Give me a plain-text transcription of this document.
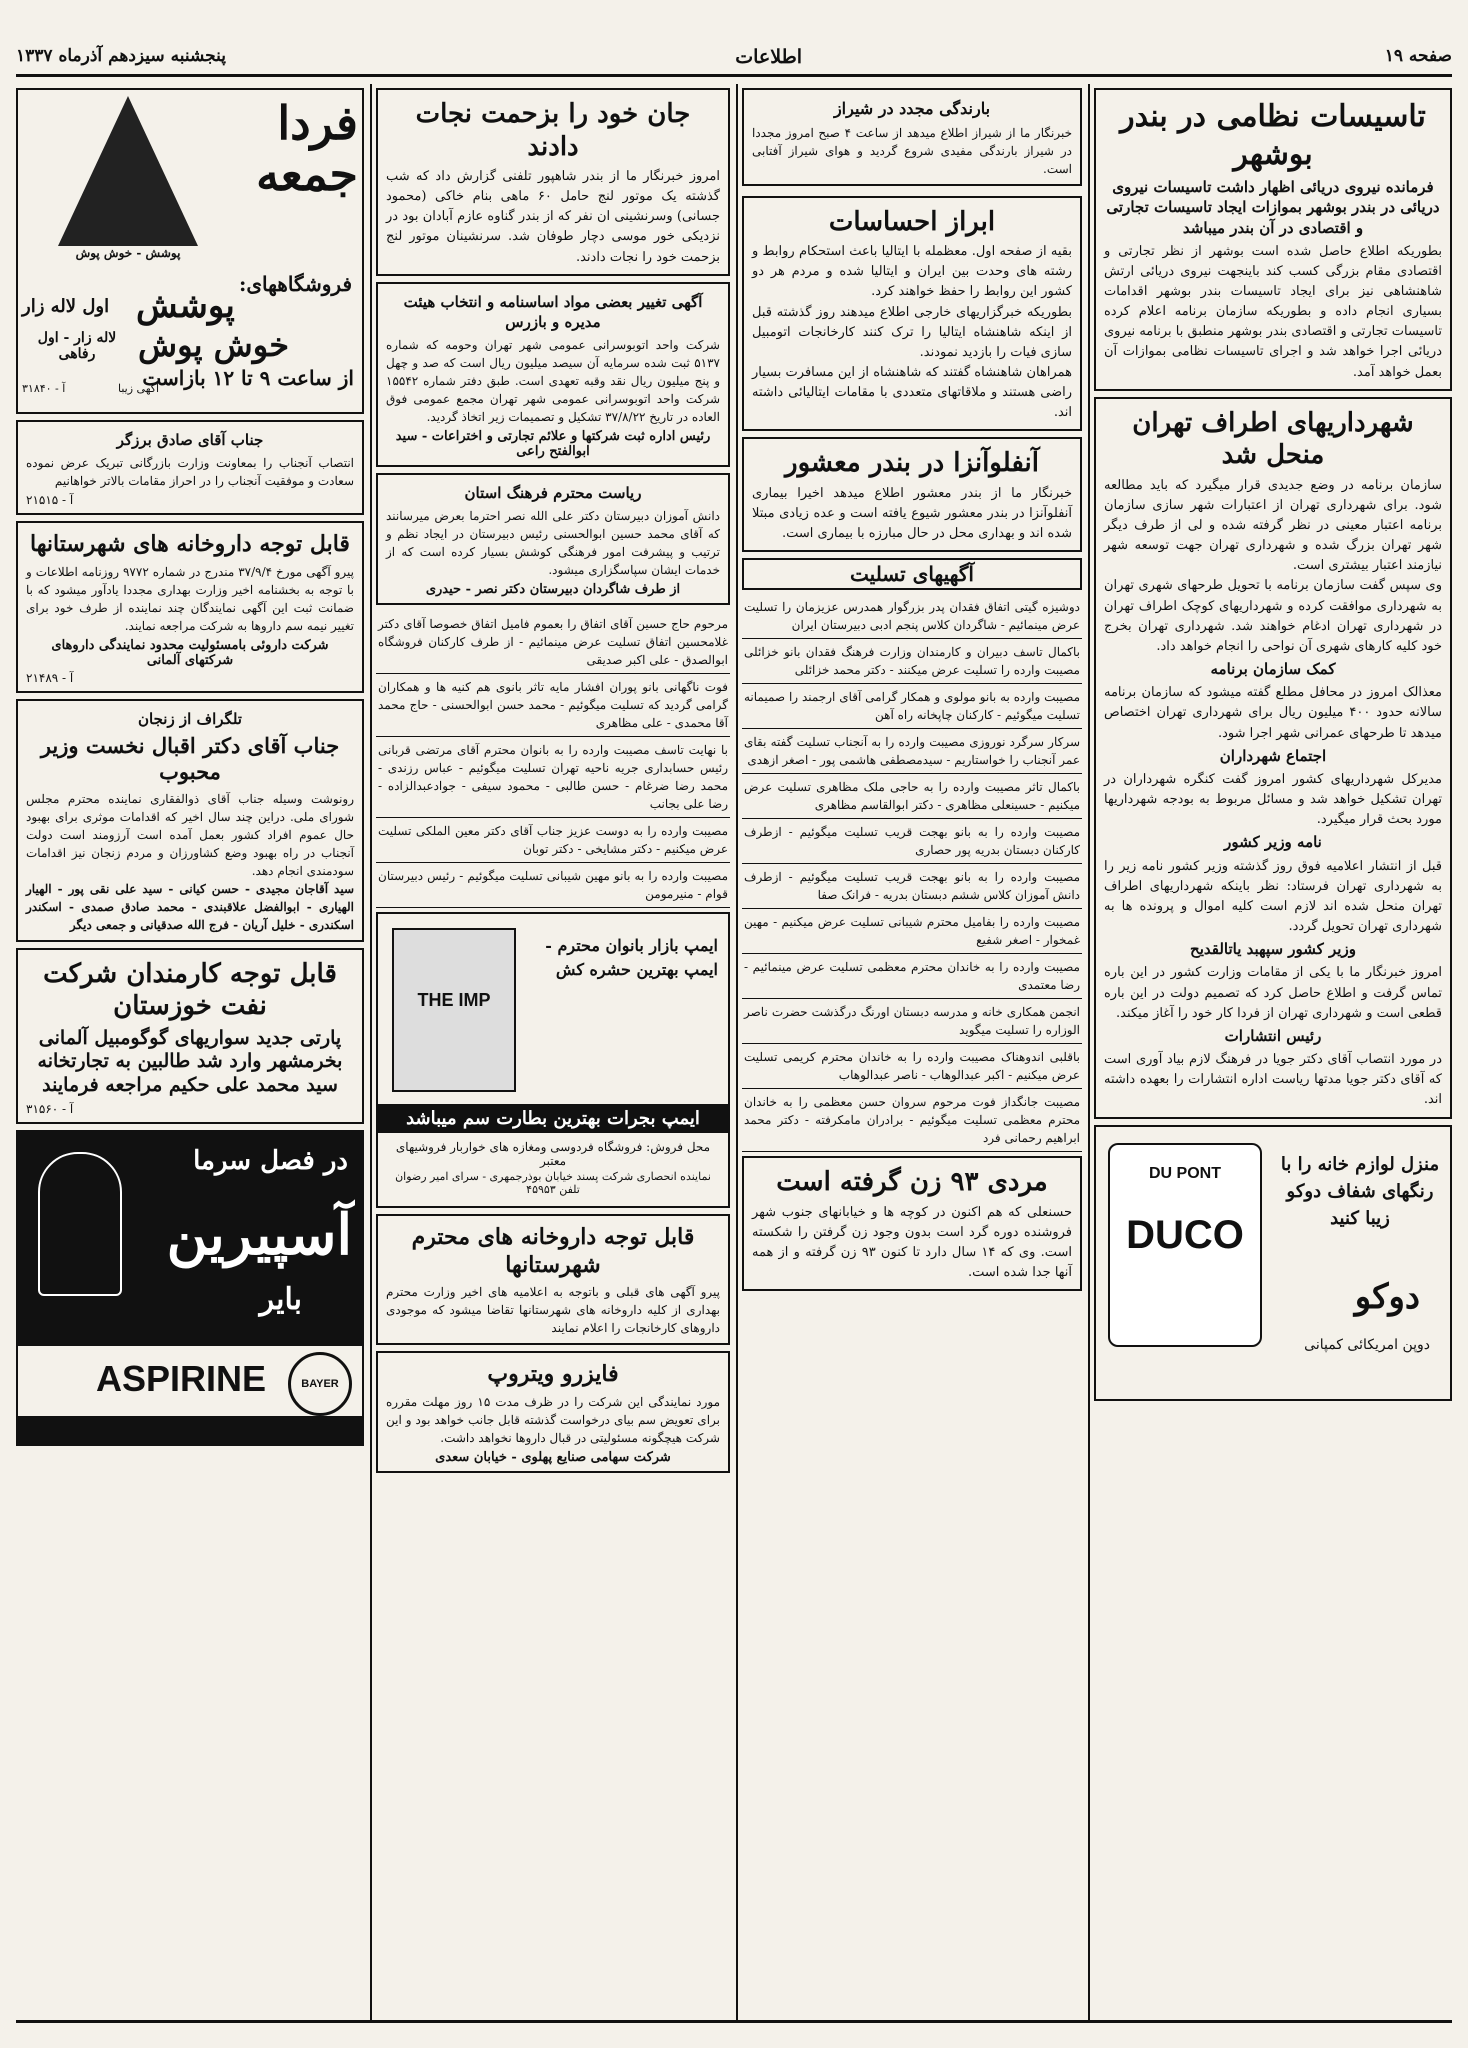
صفحه ۱۹
اطلاعات
پنجشنبه سیزدهم آذرماه ۱۳۳۷
تاسیسات نظامی در بندر بوشهر
فرمانده نیروی دریائی اظهار داشت تاسیسات نیروی دریائی در بندر بوشهر بموازات ایجاد تاسیسات تجارتی و اقتصادی در آن بندر میباشد
بطوریکه اطلاع حاصل شده است بوشهر از نظر تجارتی و اقتصادی مقام بزرگی کسب کند باینجهت نیروی دریائی ارتش شاهنشاهی نیز برای ایجاد تاسیسات بندر بوشهر اقدامات بسیاری انجام داده و بطوریکه سازمان برنامه اعلام کرده تاسیسات تجارتی و اقتصادی بندر بوشهر منطبق با برنامه نیروی دریائی اجرا خواهد شد و اجرای تاسیسات نظامی بموازات آن بعمل خواهد آمد.
شهرداریهای اطراف تهران منحل شد
سازمان برنامه در وضع جدیدی قرار میگیرد که باید مطالعه شود. برای شهرداری تهران از اعتبارات شهر سازی سازمان برنامه اعتبار معینی در نظر گرفته شده و لی از طرف دیگر شهر تهران بزرگ شده و شهرداری تهران جهت توسعه شهر نیازمند اعتبار بیشتری است.
وی سپس گفت سازمان برنامه با تحویل طرحهای شهری تهران به شهرداری موافقت کرده و شهرداریهای کوچک اطراف تهران در شهرداری تهران ادغام خواهند شد. شهرداری تهران بخرج خود کلیه کارهای شهری آن نواحی را انجام خواهد داد.
کمک سازمان برنامه
معذالک امروز در محافل مطلع گفته میشود که سازمان برنامه سالانه حدود ۴۰۰ میلیون ریال برای شهرداری تهران اختصاص میدهد تا طرحهای عمرانی شهر اجرا شود.
اجتماع شهرداران
مدیرکل شهرداریهای کشور امروز گفت کنگره شهرداران در تهران تشکیل خواهد شد و مسائل مربوط به بودجه شهرداریها مورد بحث قرار میگیرد.
نامه وزیر کشور
قبل از انتشار اعلامیه فوق روز گذشته وزیر کشور نامه زیر را به شهرداری تهران فرستاد: نظر باینکه شهرداریهای اطراف تهران منحل شده اند لازم است کلیه اموال و پرونده ها به شهرداری تهران تحویل گردد.
وزیر کشور سپهبد یاتالقدیح
امروز خبرنگار ما با یکی از مقامات وزارت کشور در این باره تماس گرفت و اطلاع حاصل کرد که تصمیم دولت در این باره قطعی است و شهرداری تهران از فردا کار خود را آغاز میکند.
رئیس انتشارات
در مورد انتصاب آقای دکتر جویا در فرهنگ لازم بیاد آوری است که آقای دکتر جویا مدتها ریاست اداره انتشارات را بعهده داشته اند.
DU PONT
DUCO
منزل لوازم خانه را با رنگهای شفاف دوکو زیبا کنید
دوکو
دوپن امریکائی کمپانی
بارندگی مجدد در شیراز
خبرنگار ما از شیراز اطلاع میدهد از ساعت ۴ صبح امروز مجددا در شیراز بارندگی مفیدی شروع گردید و هوای شیراز آفتابی است.
ابراز احساسات
بقیه از صفحه اول. معظمله با ایتالیا باعث استحکام روابط و رشته های وحدت بین ایران و ایتالیا شده و مردم هر دو کشور این روابط را حفظ خواهند کرد.
بطوریکه خبرگزاریهای خارجی اطلاع میدهند روز گذشته قبل از اینکه شاهنشاه ایتالیا را ترک کنند کارخانجات اتومبیل سازی فیات را بازدید نمودند.
همراهان شاهنشاه گفتند که شاهنشاه از این مسافرت بسیار راضی هستند و ملاقاتهای متعددی با مقامات ایتالیائی داشته اند.
آنفلوآنزا در بندر معشور
خبرنگار ما از بندر معشور اطلاع میدهد اخیرا بیماری آنفلوآنزا در بندر معشور شیوع یافته است و عده زیادی مبتلا شده اند و بهداری محل در حال مبارزه با بیماری است.
آگهیهای تسلیت
دوشیزه گیتی اتفاق فقدان پدر بزرگوار همدرس عزیزمان را تسلیت عرض مینمائیم - شاگردان کلاس پنجم ادبی دبیرستان ایران
باکمال تاسف دبیران و کارمندان وزارت فرهنگ فقدان بانو خزائلی مصیبت وارده را تسلیت عرض میکنند - دکتر محمد خزائلی
مصیبت وارده به بانو مولوی و همکار گرامی آقای ارجمند را صمیمانه تسلیت میگوئیم - کارکنان چاپخانه راه آهن
سرکار سرگرد نوروزی مصیبت وارده را به آنجناب تسلیت گفته بقای عمر آنجناب را خواستاریم - سیدمصطفی هاشمی پور - اصغر ازهدی
باکمال تاثر مصیبت وارده را به حاجی ملک مظاهری تسلیت عرض میکنیم - حسینعلی مظاهری - دکتر ابوالقاسم مظاهری
مصیبت وارده را به بانو بهجت قریب تسلیت میگوئیم - ازطرف کارکنان دبستان بدریه پور حصاری
مصیبت وارده را به بانو بهجت قریب تسلیت میگوئیم - ازطرف دانش آموزان کلاس ششم دبستان بدریه - فرانک صفا
مصیبت وارده را بفامیل محترم شیبانی تسلیت عرض میکنیم - مهین غمخوار - اصغر شفیع
مصیبت وارده را به خاندان محترم معظمی تسلیت عرض مینمائیم - رضا معتمدی
انجمن همکاری خانه و مدرسه دبستان اورنگ درگذشت حضرت ناصر الوزاره را تسلیت میگوید
باقلبی اندوهناک مصیبت وارده را به خاندان محترم کریمی تسلیت عرض میکنیم - اکبر عبدالوهاب - ناصر عبدالوهاب
مصیبت جانگداز فوت مرحوم سروان حسن معظمی را به خاندان محترم معظمی تسلیت میگوئیم - برادران مامکرفته - دکتر محمد ابراهیم رحمانی فرد
مردی ۹۳ زن گرفته است
حسنعلی که هم اکنون در کوچه ها و خیابانهای جنوب شهر فروشنده دوره گرد است بدون وجود زن گرفتن را شکسته است. وی که ۱۴ سال دارد تا کنون ۹۳ زن گرفته و از همه آنها جدا شده است.
جان خود را بزحمت نجات دادند
امروز خبرنگار ما از بندر شاهپور تلفنی گزارش داد که شب گذشته یک موتور لنج حامل ۶۰ ماهی بنام خاکی (محمود جسانی) وسرنشینی ان نفر که از بندر گناوه عازم آبادان بود در نزدیکی خور موسی دچار طوفان شد. سرنشینان موتور لنج بزحمت خود را نجات دادند.
آگهی تغییر بعضی مواد اساسنامه و انتخاب هیئت مدیره و بازرس
شرکت واحد اتوبوسرانی عمومی شهر تهران وحومه که شماره ۵۱۳۷ ثبت شده سرمایه آن سیصد میلیون ریال است که صد و چهل و پنج میلیون ریال نقد وقبه تعهدی است. طبق دفتر شماره ۱۵۵۴۲ شرکت واحد اتوبوسرانی عمومی شهر تهران مجمع عمومی فوق العاده در تاریخ ۳۷/۸/۲۲ تشکیل و تصمیمات زیر اتخاذ گردید.
رئیس اداره ثبت شرکتها و علائم تجارتی و اختراعات - سید ابوالفتح راعی
ریاست محترم فرهنگ استان
دانش آموزان دبیرستان دکتر علی الله نصر احترما بعرض میرسانند که آقای محمد حسین ابوالحسنی رئیس دبیرستان در ایجاد نظم و ترتیب و پیشرفت امور فرهنگی کوشش بسیار کرده است که از خدمات ایشان سپاسگزاری میشود.
از طرف شاگردان دبیرستان دکتر نصر - حیدری
مرحوم حاج حسین آقای اتفاق را بعموم فامیل اتفاق خصوصا آقای دکتر غلامحسین اتفاق تسلیت عرض مینمائیم - از طرف کارکنان فروشگاه ابوالصدق - علی اکبر صدیقی
فوت ناگهانی بانو پوران افشار مایه تاثر بانوی هم کنیه ها و همکاران گرامی گردید که تسلیت میگوئیم - محمد حسن ابوالحسنی - حاج محمد آقا محمدی - علی مظاهری
با نهایت تاسف مصیبت وارده را به بانوان محترم آقای مرتضی قربانی رئیس حسابداری جریه ناحیه تهران تسلیت میگوئیم - عباس رزندی - محمد رضا ضرغام - حسن طالبی - محمود سیفی - جوادعبدالزاده - رضا علی بجانب
مصیبت وارده را به دوست عزیز جناب آقای دکتر معین الملکی تسلیت عرض میکنیم - دکتر مشایخی - دکتر توبان
مصیبت وارده را به بانو مهین شیبانی تسلیت میگوئیم - رئیس دبیرستان قوام - منیرمومن
THE IMP
ایمپ بازار بانوان محترم - ایمپ بهترین حشره کش
ایمپ بجرات بهترین بطارت سم میباشد
محل فروش: فروشگاه فردوسی ومغازه های خواربار فروشیهای معتبر
نماینده انحصاری شرکت پسند خیابان بوذرجمهری - سرای امیر رضوان تلفن ۴۵۹۵۳
قابل توجه داروخانه های محترم شهرستانها
پیرو آگهی های قبلی و باتوجه به اعلامیه های اخیر وزارت محترم بهداری از کلیه داروخانه های شهرستانها تقاضا میشود که موجودی داروهای کارخانجات را اعلام نمایند
فایزرو ویتروپ
مورد نمایندگی این شرکت را در ظرف مدت ۱۵ روز مهلت مقرره برای تعویض سم بیای درخواست گذشته قابل جانب خواهد بود و این شرکت هیچگونه مسئولیتی در قبال داروها نخواهد داشت.
شرکت سهامی صنایع پهلوی - خیابان سعدی
فردا
جمعه
پوشش - خوش پوش
فروشگاههای:
پوشش
اول لاله زار
خوش پوش
لاله زار - اول رفاهی
از ساعت ۹ تا ۱۲ بازاست
آگهی زیبا
آ - ۳۱۸۴۰
جناب آقای صادق برزگر
انتصاب آنجناب را بمعاونت وزارت بازرگانی تبریک عرض نموده سعادت و موفقیت آنجناب را در احراز مقامات بالاتر خواهانیم
آ - ۲۱۵۱۵
قابل توجه داروخانه های شهرستانها
پیرو آگهی مورخ ۳۷/۹/۴ مندرج در شماره ۹۷۷۲ روزنامه اطلاعات و با توجه به بخشنامه اخیر وزارت بهداری مجددا یادآور میشود که با ضمانت ثبت این آگهی نمایندگان چند نماینده از طرف خود برای تغییر نیمه سم داروها به شرکت مراجعه نمایند.
شرکت داروئی بامسئولیت محدود نمایندگی داروهای شرکتهای آلمانی
آ - ۲۱۴۸۹
تلگراف از زنجان
جناب آقای دکتر اقبال نخست وزیر محبوب
رونوشت وسیله جناب آقای ذوالفقاری نماینده محترم مجلس شورای ملی. دراین چند سال اخیر که اقدامات موثری برای بهبود حال عموم افراد کشور بعمل آمده است آرزومند است دولت آنجناب در راه بهبود وضع کشاورزان و مردم زنجان نیز اقدامات سودمندی انجام دهد.
سید آقاجان مجیدی - حسن کیانی - سید علی نقی پور - الهیار الهیاری - ابوالفضل علاقبندی - محمد صادق صمدی - اسکندر اسکندری - خلیل آریان - فرج الله صدقیانی و جمعی دیگر
قابل توجه کارمندان شرکت نفت خوزستان
پارتی جدید سواریهای گوگومبیل آلمانی بخرمشهر وارد شد طالبین به تجارتخانه سید محمد علی حکیم مراجعه فرمایند
آ - ۳۱۵۶۰
در فصل سرما
آسپیرین
بایر
ASPIRINE	BAYER
